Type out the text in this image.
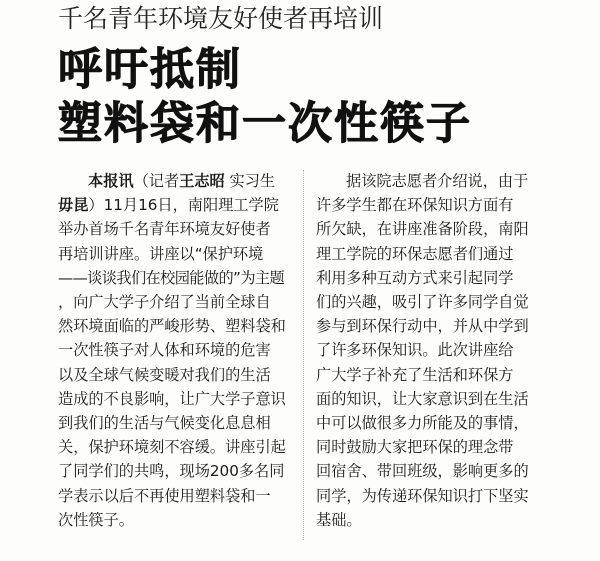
千名青年环境友好使者再培训
呼吁抵制
塑料袋和一次性筷子

本报讯（记者王志昭 实习生

毋昆）11月16日，南阳理工学院

举办首场千名青年环境友好使者

再培训讲座。讲座以“保护环境

——谈谈我们在校园能做的”为主题

，向广大学子介绍了当前全球自

然环境面临的严峻形势、塑料袋和

一次性筷子对人体和环境的危害

以及全球气候变暖对我们的生活

造成的不良影响，让广大学子意识

到我们的生活与气候变化息息相

关，保护环境刻不容缓。讲座引起

了同学们的共鸣，现场200多名同

学表示以后不再使用塑料袋和一

次性筷子。

据该院志愿者介绍说，由于

许多学生都在环保知识方面有

所欠缺，在讲座准备阶段，南阳

理工学院的环保志愿者们通过

利用多种互动方式来引起同学

们的兴趣，吸引了许多同学自觉

参与到环保行动中，并从中学到

了许多环保知识。此次讲座给

广大学子补充了生活和环保方

面的知识，让大家意识到在生活

中可以做很多力所能及的事情，

同时鼓励大家把环保的理念带

回宿舍、带回班级，影响更多的

同学，为传递环保知识打下坚实

基础。
